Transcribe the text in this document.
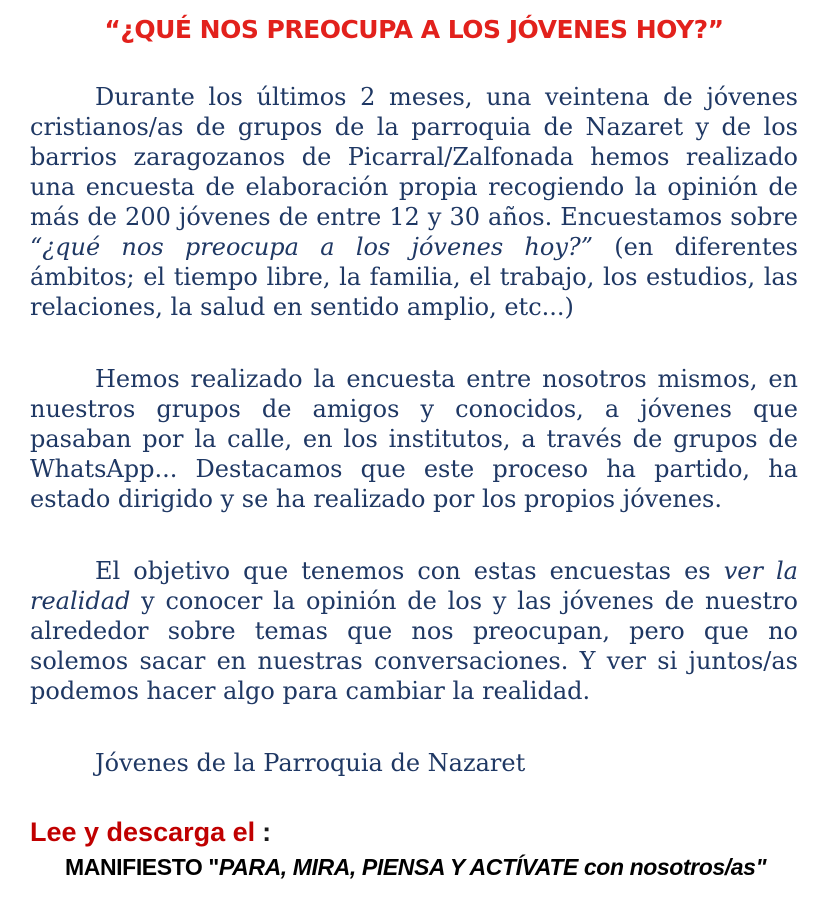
“¿QUÉ NOS PREOCUPA A LOS JÓVENES HOY?”

Durante los últimos 2 meses, una veintena de jóvenes cristianos/as de grupos de la parroquia de Nazaret y de los barrios zaragozanos de Picarral/Zalfonada hemos realizado una encuesta de elaboración propia recogiendo la opinión de más de 200 jóvenes de entre 12 y 30 años. Encuestamos sobre “¿qué nos preocupa a los jóvenes hoy?” (en diferentes ámbitos; el tiempo libre, la familia, el trabajo, los estudios, las relaciones, la salud en sentido amplio, etc...)

Hemos realizado la encuesta entre nosotros mismos, en nuestros grupos de amigos y conocidos, a jóvenes que pasaban por la calle, en los institutos, a través de grupos de WhatsApp... Destacamos que este proceso ha partido, ha estado dirigido y se ha realizado por los propios jóvenes.

El objetivo que tenemos con estas encuestas es ver la realidad y conocer la opinión de los y las jóvenes de nuestro alrededor sobre temas que nos preocupan, pero que no solemos sacar en nuestras conversaciones. Y ver si juntos/as podemos hacer algo para cambiar la realidad.

Jóvenes de la Parroquia de Nazaret

Lee y descarga el :

MANIFIESTO "PARA, MIRA, PIENSA Y ACTÍVATE con nosotros/as"
